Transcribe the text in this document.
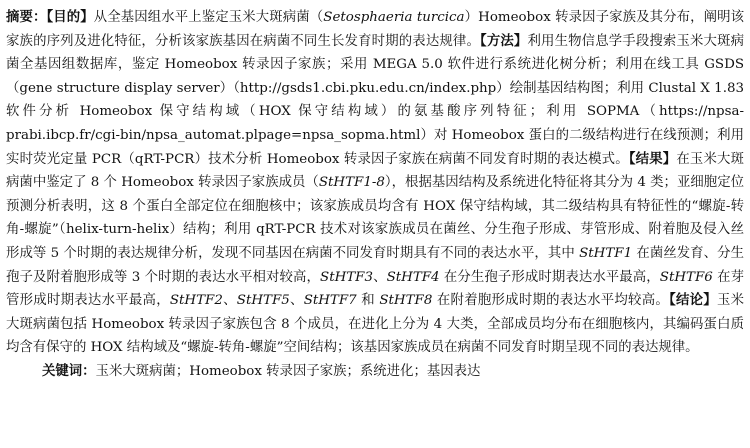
摘要：【目的】从全基因组水平上鉴定玉米大斑病菌（Setosphaeria turcica）Homeobox 转录因子家族及其分布，阐明该家族的序列及进化特征，分析该家族基因在病菌不同生长发育时期的表达规律。【方法】利用生物信息学手段搜索玉米大斑病菌全基因组数据库，鉴定 Homeobox 转录因子家族；采用 MEGA 5.0 软件进行系统进化树分析；利用在线工具 GSDS（gene structure display server）（http://gsds1.cbi.pku.edu.cn/index.php）绘制基因结构图；利用 Clustal X 1.83 软件分析 Homeobox 保守结构域（HOX 保守结构域）的氨基酸序列特征；利用 SOPMA（https://npsa-prabi.ibcp.fr/cgi-bin/npsa_automat.plpage=npsa_sopma.html）对 Homeobox 蛋白的二级结构进行在线预测；利用实时荧光定量 PCR（qRT-PCR）技术分析 Homeobox 转录因子家族在病菌不同发育时期的表达模式。【结果】在玉米大斑病菌中鉴定了 8 个 Homeobox 转录因子家族成员（StHTF1-8），根据基因结构及系统进化特征将其分为 4 类；亚细胞定位预测分析表明，这 8 个蛋白全部定位在细胞核中；该家族成员均含有 HOX 保守结构域，其二级结构具有特征性的“螺旋-转角-螺旋”（helix-turn-helix）结构；利用 qRT-PCR 技术对该家族成员在菌丝、分生孢子形成、芽管形成、附着胞及侵入丝形成等 5 个时期的表达规律分析，发现不同基因在病菌不同发育时期具有不同的表达水平，其中 StHTF1 在菌丝发育、分生孢子及附着胞形成等 3 个时期的表达水平相对较高，StHTF3、StHTF4 在分生孢子形成时期表达水平最高，StHTF6 在芽管形成时期表达水平最高，StHTF2、StHTF5、StHTF7 和 StHTF8 在附着胞形成时期的表达水平均较高。【结论】玉米大斑病菌包括 Homeobox 转录因子家族包含 8 个成员，在进化上分为 4 大类，全部成员均分布在细胞核内，其编码蛋白质均含有保守的 HOX 结构域及“螺旋-转角-螺旋”空间结构；该基因家族成员在病菌不同发育时期呈现不同的表达规律。

关键词：玉米大斑病菌；Homeobox 转录因子家族；系统进化；基因表达
